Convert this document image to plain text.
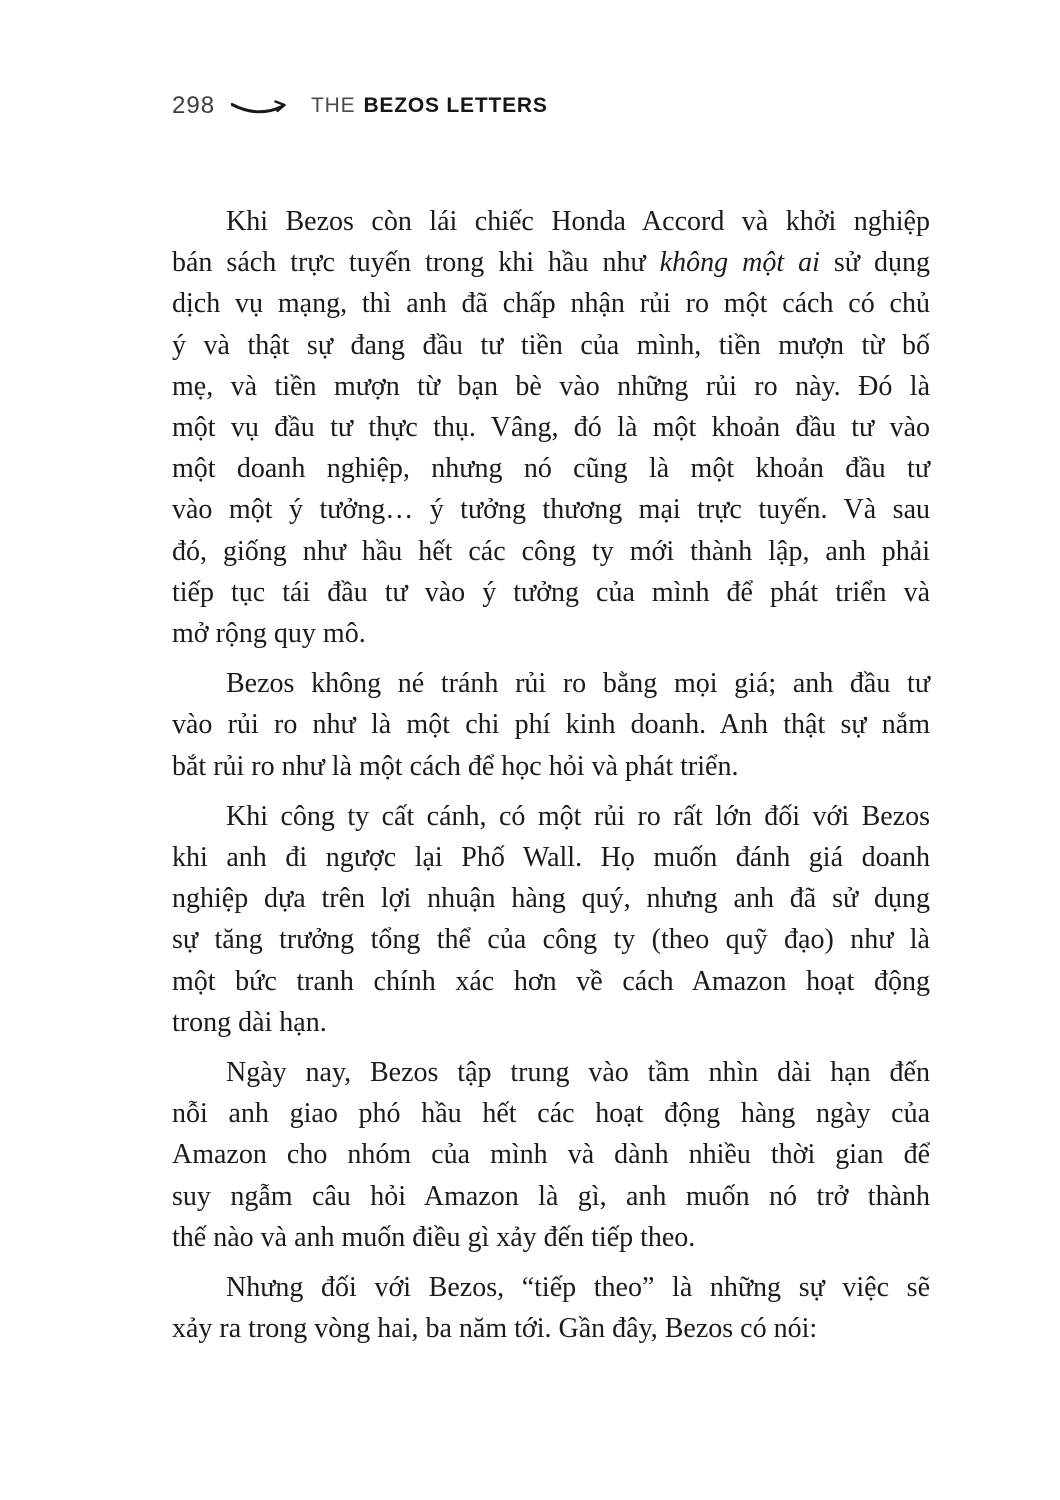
298	THE BEZOS LETTERS
Khi Bezos còn lái chiếc Honda Accord và khởi nghiệp
bán sách trực tuyến trong khi hầu như không một ai sử dụng
dịch vụ mạng, thì anh đã chấp nhận rủi ro một cách có chủ
ý và thật sự đang đầu tư tiền của mình, tiền mượn từ bố
mẹ, và tiền mượn từ bạn bè vào những rủi ro này. Đó là
một vụ đầu tư thực thụ. Vâng, đó là một khoản đầu tư vào
một doanh nghiệp, nhưng nó cũng là một khoản đầu tư
vào một ý tưởng… ý tưởng thương mại trực tuyến. Và sau
đó, giống như hầu hết các công ty mới thành lập, anh phải
tiếp tục tái đầu tư vào ý tưởng của mình để phát triển và
mở rộng quy mô.
Bezos không né tránh rủi ro bằng mọi giá; anh đầu tư
vào rủi ro như là một chi phí kinh doanh. Anh thật sự nắm
bắt rủi ro như là một cách để học hỏi và phát triển.
Khi công ty cất cánh, có một rủi ro rất lớn đối với Bezos
khi anh đi ngược lại Phố Wall. Họ muốn đánh giá doanh
nghiệp dựa trên lợi nhuận hàng quý, nhưng anh đã sử dụng
sự tăng trưởng tổng thể của công ty (theo quỹ đạo) như là
một bức tranh chính xác hơn về cách Amazon hoạt động
trong dài hạn.
Ngày nay, Bezos tập trung vào tầm nhìn dài hạn đến
nỗi anh giao phó hầu hết các hoạt động hàng ngày của
Amazon cho nhóm của mình và dành nhiều thời gian để
suy ngẫm câu hỏi Amazon là gì, anh muốn nó trở thành
thế nào và anh muốn điều gì xảy đến tiếp theo.
Nhưng đối với Bezos, “tiếp theo” là những sự việc sẽ
xảy ra trong vòng hai, ba năm tới. Gần đây, Bezos có nói:
